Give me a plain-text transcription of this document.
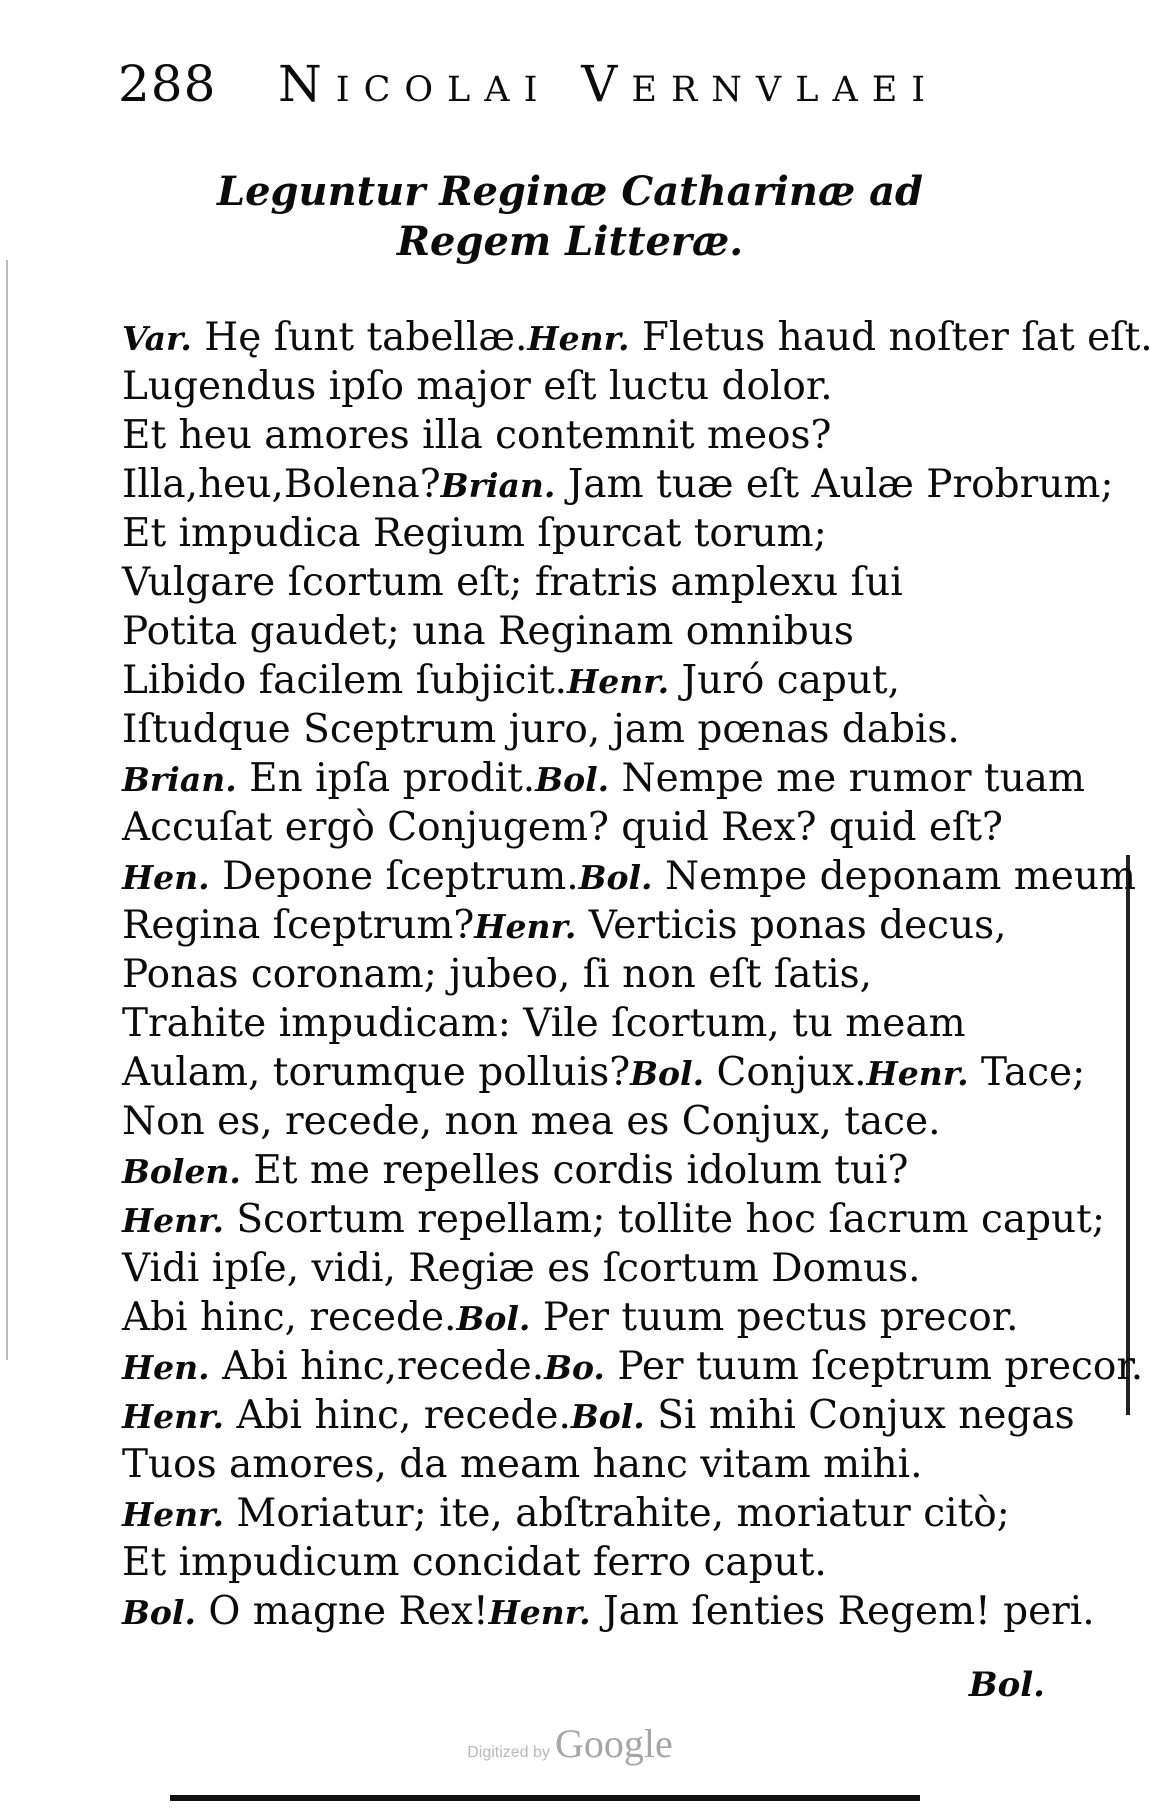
288 Nicolai Vernvlaei
Leguntur Reginæ Catharinæ ad
Regem Litteræ.
Var. Hę ſunt tabellæ.Henr. Fletus haud noſter ſat eſt.
Lugendus ipſo major eſt luctu dolor.
Et heu amores illa contemnit meos?
Illa,heu,Bolena?Brian. Jam tuæ eſt Aulæ Probrum;
Et impudica Regium ſpurcat torum;
Vulgare ſcortum eſt; fratris amplexu ſui
Potita gaudet; una Reginam omnibus
Libido facilem ſubjicit.Henr. Juró caput,
Iſtudque Sceptrum juro, jam pœnas dabis.
Brian. En ipſa prodit.Bol. Nempe me rumor tuam
Accuſat ergò Conjugem? quid Rex? quid eſt?
Hen. Depone ſceptrum.Bol. Nempe deponam meum
Regina ſceptrum?Henr. Verticis ponas decus,
Ponas coronam; jubeo, ſi non eſt ſatis,
Trahite impudicam: Vile ſcortum, tu meam
Aulam, torumque polluis?Bol. Conjux.Henr. Tace;
Non es, recede, non mea es Conjux, tace.
Bolen. Et me repelles cordis idolum tui?
Henr. Scortum repellam; tollite hoc ſacrum caput;
Vidi ipſe, vidi, Regiæ es ſcortum Domus.
Abi hinc, recede.Bol. Per tuum pectus precor.
Hen. Abi hinc,recede.Bo. Per tuum ſceptrum precor.
Henr. Abi hinc, recede.Bol. Si mihi Conjux negas
Tuos amores, da meam hanc vitam mihi.
Henr. Moriatur; ite, abſtrahite, moriatur citò;
Et impudicum concidat ferro caput.
Bol. O magne Rex!Henr. Jam ſenties Regem! peri.
Bol.
Digitized by Google
